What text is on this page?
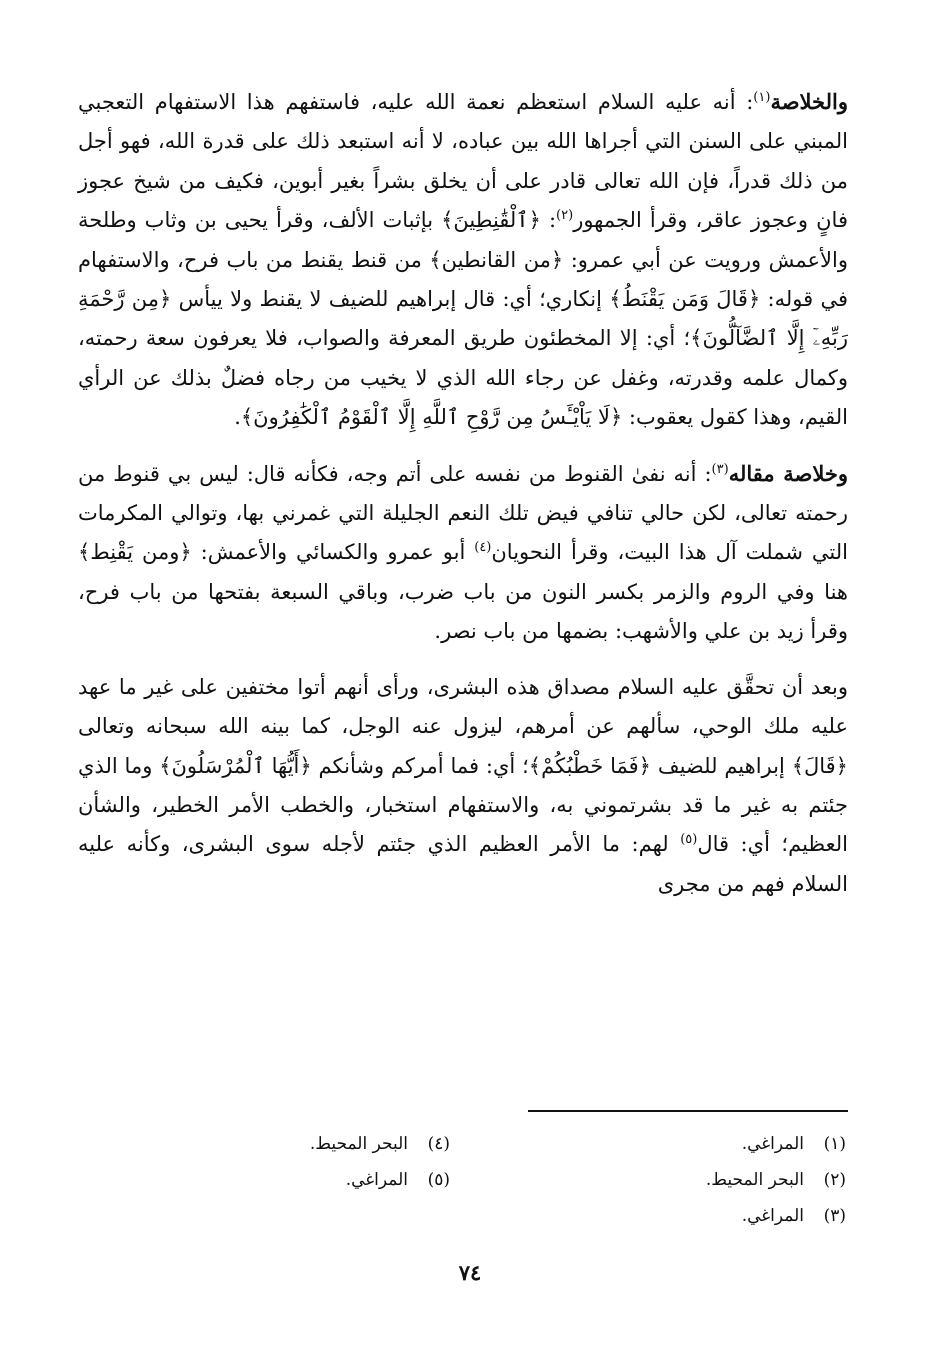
والخلاصة$^{(١)}$: أنه عليه السلام استعظم نعمة الله عليه، فاستفهم هذا الاستفهام التعجبي المبني على السنن التي أجراها الله بين عباده، لا أنه استبعد ذلك على قدرة الله، فهو أجل من ذلك قدراً، فإن الله تعالى قادر على أن يخلق بشراً بغير أبوين، فكيف من شيخ عجوز فانٍ وعجوز عاقر، وقرأ الجمهور$^{(٢)}$: ﴿ٱلْقَٰنِطِينَ﴾ بإثبات الألف، وقرأ يحيى بن وثاب وطلحة والأعمش ورويت عن أبي عمرو: ﴿من القانطين﴾ من قنط يقنط من باب فرح، والاستفهام في قوله: ﴿قَالَ وَمَن يَقْنَطُ﴾ إنكاري؛ أي: قال إبراهيم للضيف لا يقنط ولا ييأس ﴿مِن رَّحْمَةِ رَبِّهِۦٓ إِلَّا ٱلضَّآلُّونَ﴾؛ أي: إلا المخطئون طريق المعرفة والصواب، فلا يعرفون سعة رحمته، وكمال علمه وقدرته، وغفل عن رجاء الله الذي لا يخيب من رجاه فضلٌ بذلك عن الرأي القيم، وهذا كقول يعقوب: ﴿لَا يَاْيْـَٔسُ مِن رَّوْحِ ٱللَّهِ إِلَّا ٱلْقَوْمُ ٱلْكَٰفِرُونَ﴾.

وخلاصة مقاله$^{(٣)}$: أنه نفىٰ القنوط من نفسه على أتم وجه، فكأنه قال: ليس بي قنوط من رحمته تعالى، لكن حالي تنافي فيض تلك النعم الجليلة التي غمرني بها، وتوالي المكرمات التي شملت آل هذا البيت، وقرأ النحويان$^{(٤)}$ أبو عمرو والكسائي والأعمش: ﴿ومن يَقْنِط﴾ هنا وفي الروم والزمر بكسر النون من باب ضرب، وباقي السبعة بفتحها من باب فرح، وقرأ زيد بن علي والأشهب: بضمها من باب نصر.

وبعد أن تحقَّق عليه السلام مصداق هذه البشرى، ورأى أنهم أتوا مختفين على غير ما عهد عليه ملك الوحي، سألهم عن أمرهم، ليزول عنه الوجل، كما بينه الله سبحانه وتعالى ﴿قَالَ﴾ إبراهيم للضيف ﴿فَمَا خَطْبُكُمْ﴾؛ أي: فما أمركم وشأنكم ﴿أَيُّهَا ٱلْمُرْسَلُونَ﴾ وما الذي جئتم به غير ما قد بشرتموني به، والاستفهام استخبار، والخطب الأمر الخطير، والشأن العظيم؛ أي: قال$^{(٥)}$ لهم: ما الأمر العظيم الذي جئتم لأجله سوى البشرى، وكأنه عليه السلام فهم من مجرى

(١)المراغي.
(٢)البحر المحيط.
(٣)المراغي.
(٤)البحر المحيط.
(٥)المراغي.
٧٤
